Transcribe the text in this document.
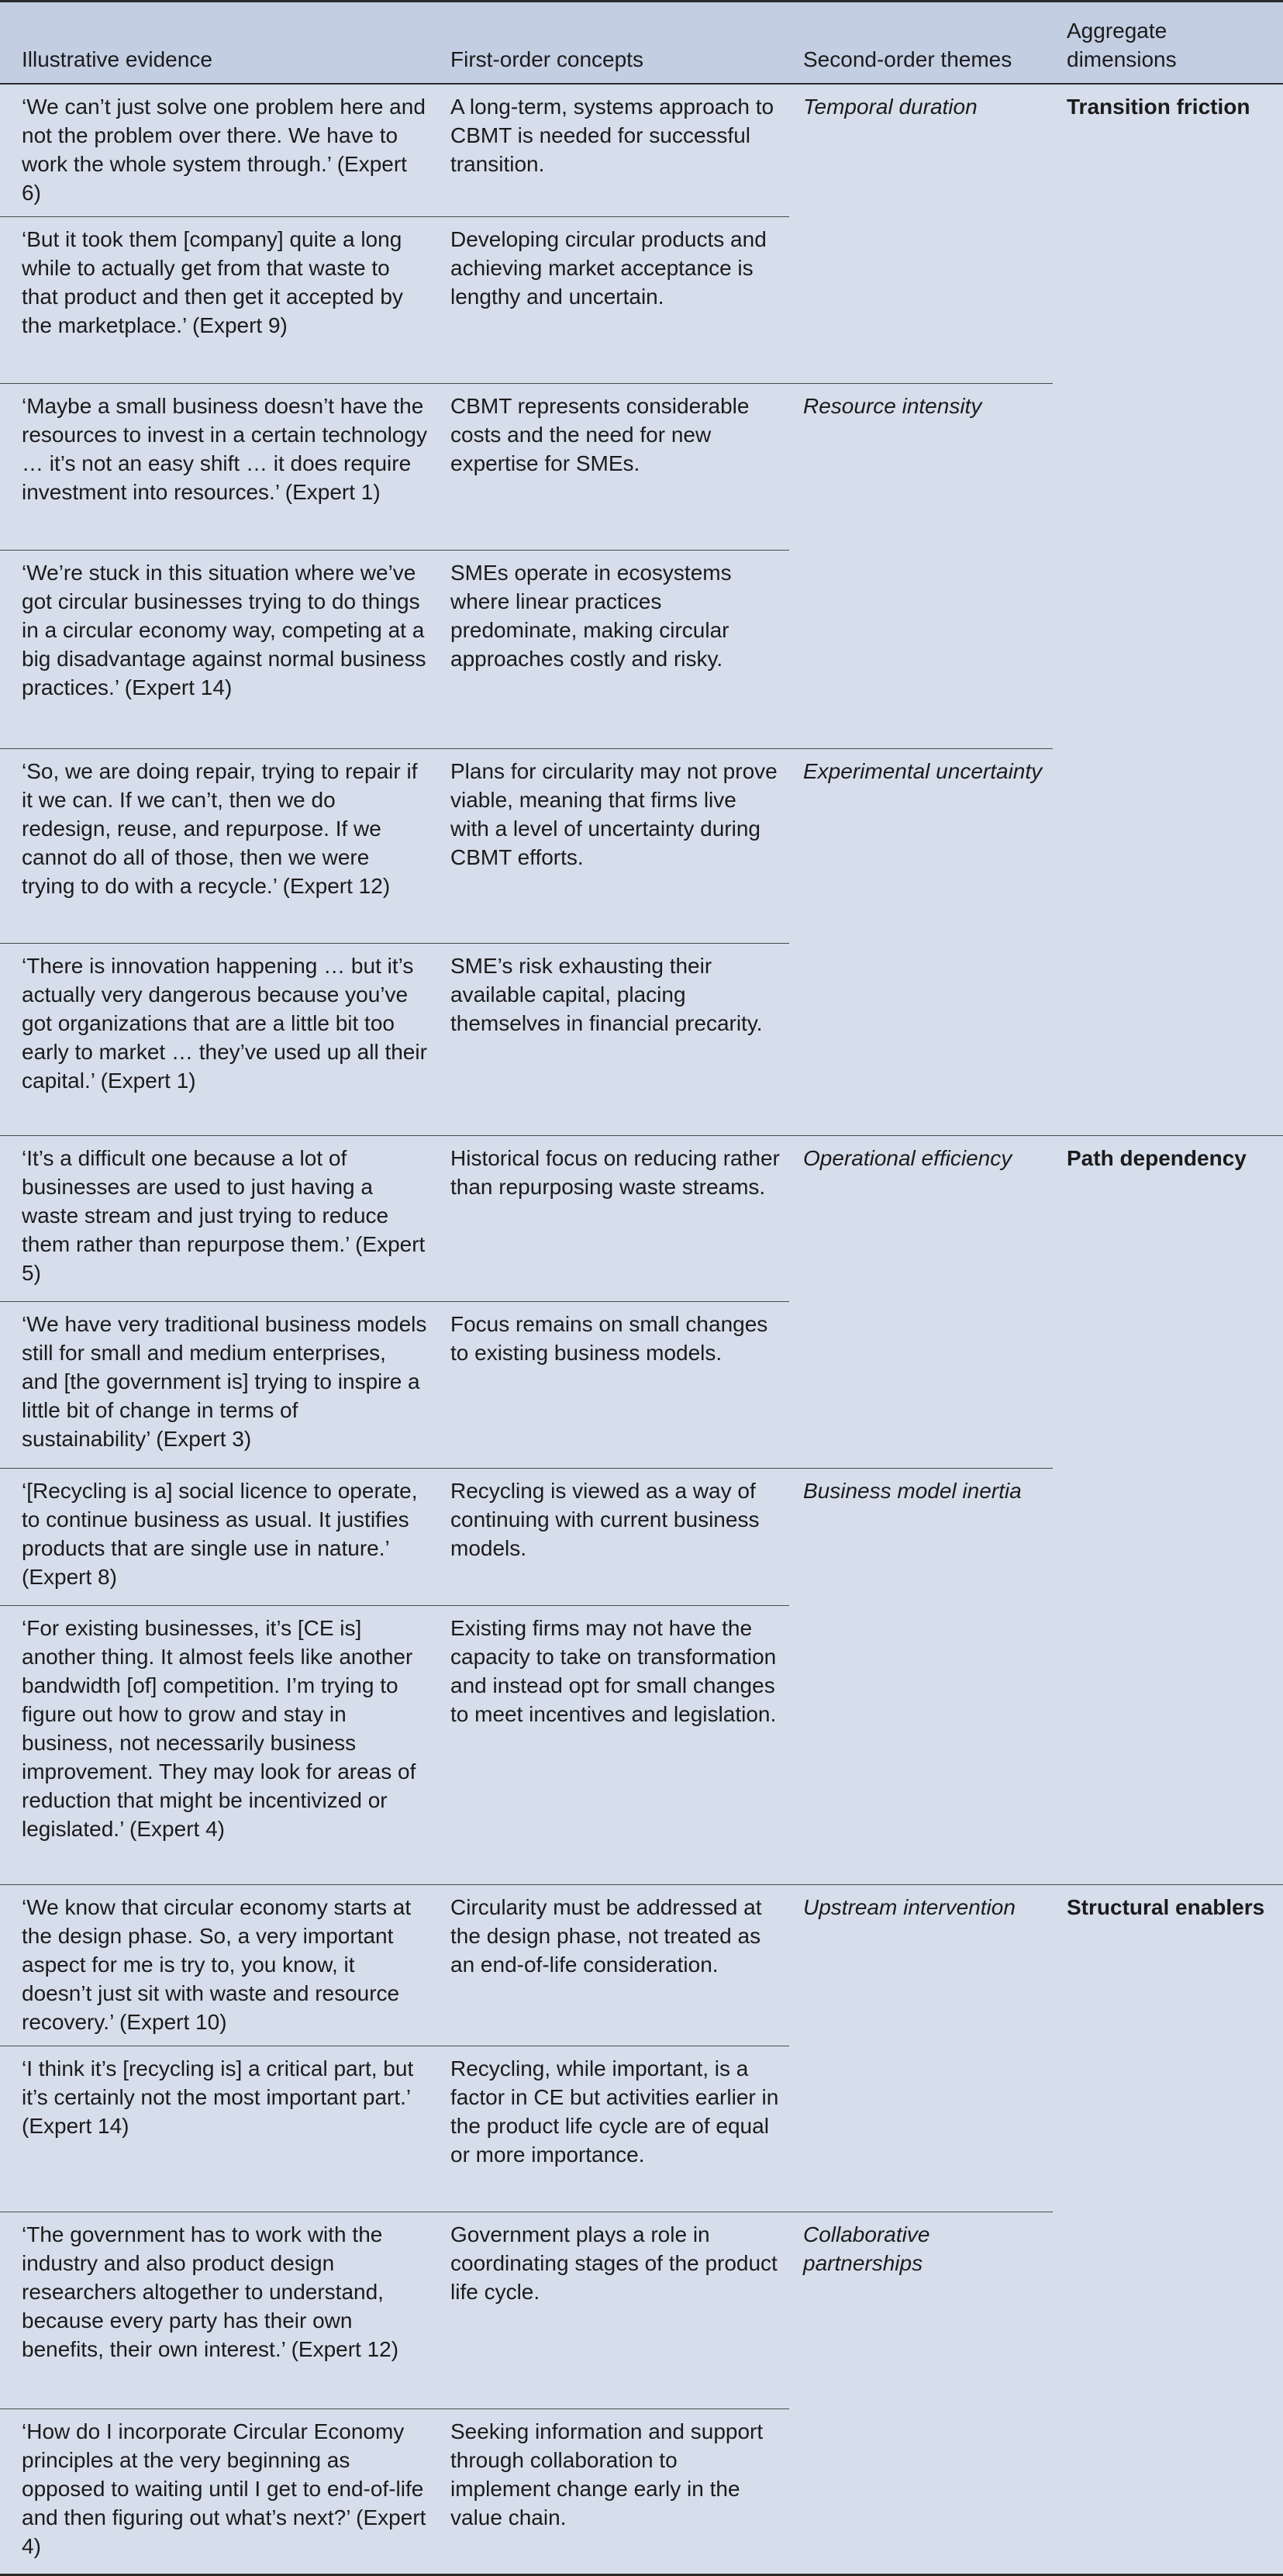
Illustrative evidence	First-order concepts	Second-order themes	Aggregate dimensions
‘We can’t just solve one problem here and not the problem over there. We have to work the whole system through.’ (Expert 6)	A long-term, systems approach to CBMT is needed for successful transition.	Temporal duration	Transition friction
‘But it took them [company] quite a long while to actually get from that waste to that product and then get it accepted by the marketplace.’ (Expert 9)	Developing circular products and achieving market acceptance is lengthy and uncertain.		
‘Maybe a small business doesn’t have the resources to invest in a certain technology … it’s not an easy shift … it does require investment into resources.’ (Expert 1)	CBMT represents considerable costs and the need for new expertise for SMEs.	Resource intensity	
‘We’re stuck in this situation where we’ve got circular businesses trying to do things in a circular economy way, competing at a big disadvantage against normal business practices.’ (Expert 14)	SMEs operate in ecosystems where linear practices predominate, making circular approaches costly and risky.		
‘So, we are doing repair, trying to repair if it we can. If we can’t, then we do redesign, reuse, and repurpose. If we cannot do all of those, then we were trying to do with a recycle.’ (Expert 12)	Plans for circularity may not prove viable, meaning that firms live with a level of uncertainty during CBMT efforts.	Experimental uncertainty	
‘There is innovation happening … but it’s actually very dangerous because you’ve got organizations that are a little bit too early to market … they’ve used up all their capital.’ (Expert 1)	SME’s risk exhausting their available capital, placing themselves in financial precarity.		
‘It’s a difficult one because a lot of businesses are used to just having a waste stream and just trying to reduce them rather than repurpose them.’ (Expert 5)	Historical focus on reducing rather than repurposing waste streams.	Operational efficiency	Path dependency
‘We have very traditional business models still for small and medium enterprises, and [the government is] trying to inspire a little bit of change in terms of sustainability’ (Expert 3)	Focus remains on small changes to existing business models.		
‘[Recycling is a] social licence to operate, to continue business as usual. It justifies products that are single use in nature.’ (Expert 8)	Recycling is viewed as a way of continuing with current business models.	Business model inertia	
‘For existing businesses, it’s [CE is] another thing. It almost feels like another bandwidth [of] competition. I’m trying to figure out how to grow and stay in business, not necessarily business improvement. They may look for areas of reduction that might be incentivized or legislated.’ (Expert 4)	Existing firms may not have the capacity to take on transformation and instead opt for small changes to meet incentives and legislation.		
‘We know that circular economy starts at the design phase. So, a very important aspect for me is try to, you know, it doesn’t just sit with waste and resource recovery.’ (Expert 10)	Circularity must be addressed at the design phase, not treated as an end-of-life consideration.	Upstream intervention	Structural enablers
‘I think it’s [recycling is] a critical part, but it’s certainly not the most important part.’ (Expert 14)	Recycling, while important, is a factor in CE but activities earlier in the product life cycle are of equal or more importance.		
‘The government has to work with the industry and also product design researchers altogether to understand, because every party has their own benefits, their own interest.’ (Expert 12)	Government plays a role in coordinating stages of the product life cycle.	Collaborative partnerships	
‘How do I incorporate Circular Economy principles at the very beginning as opposed to waiting until I get to end-of-life and then figuring out what’s next?’ (Expert 4)	Seeking information and support through collaboration to implement change early in the value chain.		
